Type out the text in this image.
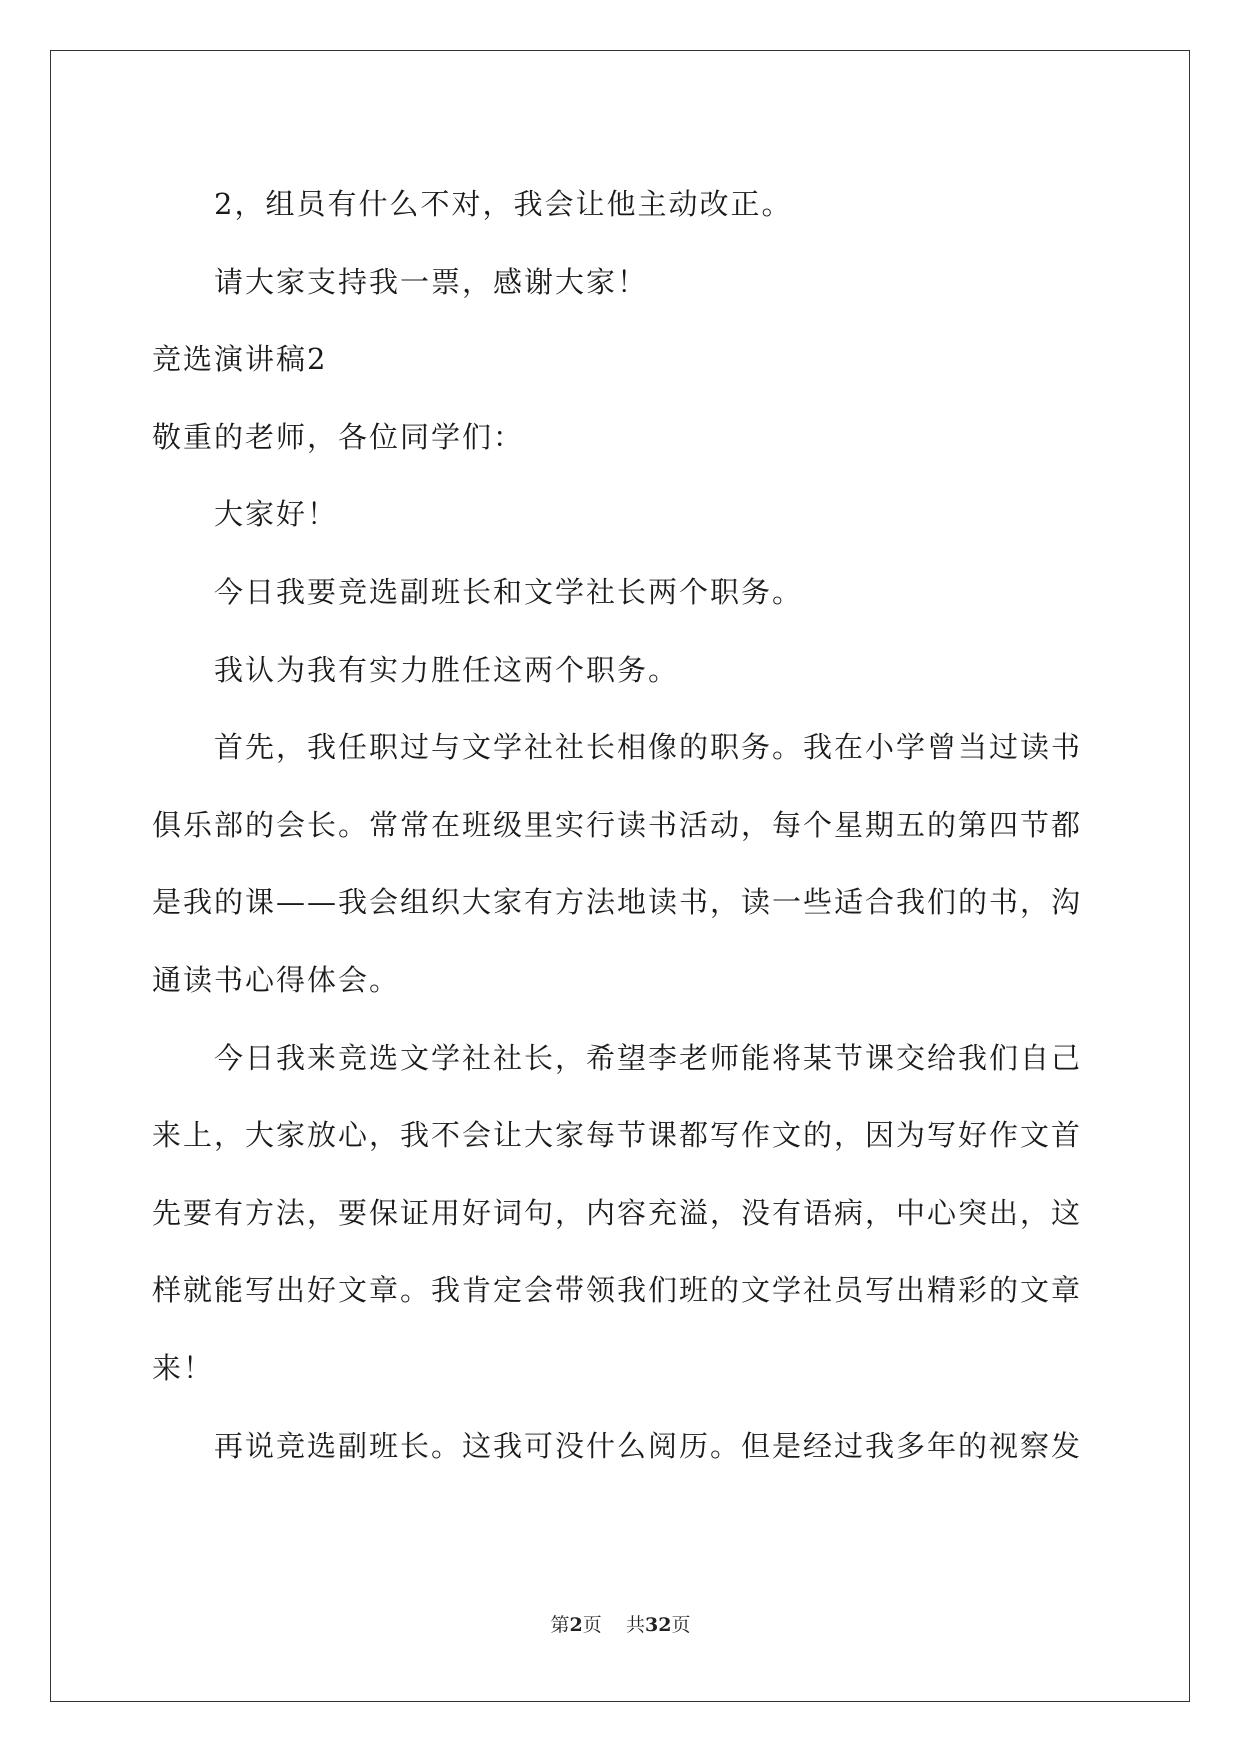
2，组员有什么不对，我会让他主动改正。
请大家支持我一票，感谢大家！
竞选演讲稿2
敬重的老师，各位同学们：
大家好！
今日我要竞选副班长和文学社长两个职务。
我认为我有实力胜任这两个职务。
首先，我任职过与文学社社长相像的职务。我在小学曾当过读书
俱乐部的会长。常常在班级里实行读书活动，每个星期五的第四节都
是我的课——我会组织大家有方法地读书，读一些适合我们的书，沟
通读书心得体会。
今日我来竞选文学社社长，希望李老师能将某节课交给我们自己
来上，大家放心，我不会让大家每节课都写作文的，因为写好作文首
先要有方法，要保证用好词句，内容充溢，没有语病，中心突出，这
样就能写出好文章。我肯定会带领我们班的文学社员写出精彩的文章
来！
再说竞选副班长。这我可没什么阅历。但是经过我多年的视察发
第2页 共32页
